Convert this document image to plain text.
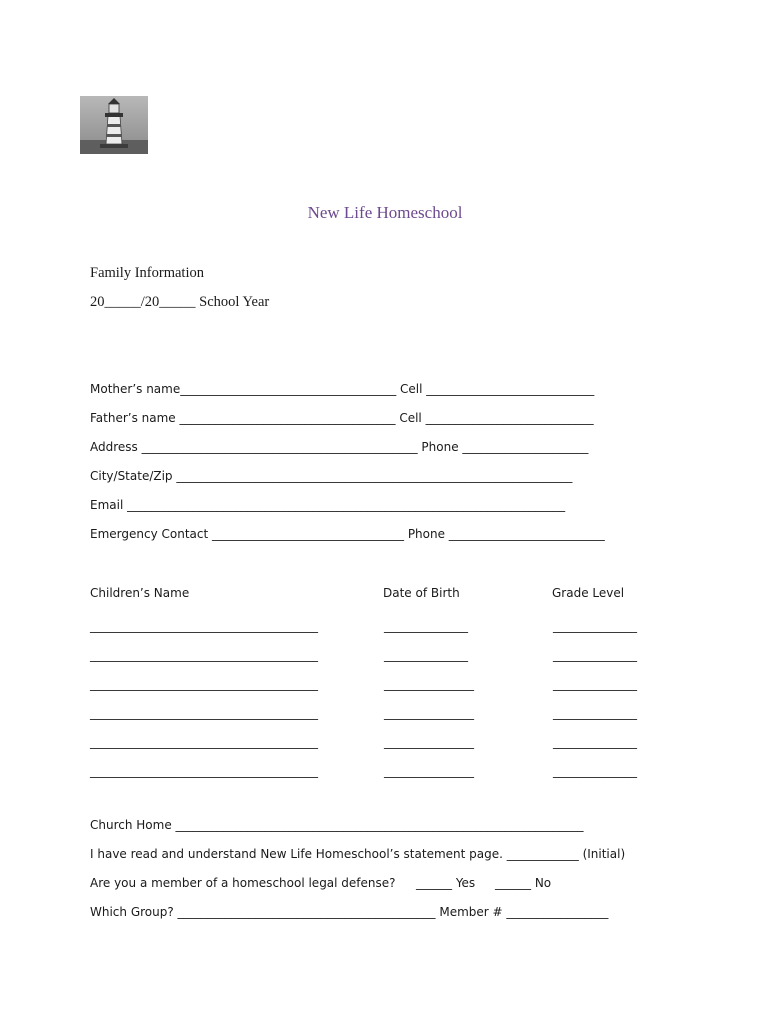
New Life Homeschool
Family Information
20_____/20_____ School Year
Mother’s name____________________________________ Cell ____________________________
Father’s name ____________________________________ Cell ____________________________
Address ______________________________________________ Phone _____________________
City/State/Zip __________________________________________________________________
Email _________________________________________________________________________
Emergency Contact ________________________________ Phone __________________________
Children’s Name	Date of Birth	Grade Level
______________________________________	______________	______________
______________________________________	______________	______________
______________________________________	_______________	______________
______________________________________	_______________	______________
______________________________________	_______________	______________
______________________________________	_______________	______________
Church Home ____________________________________________________________________
I have read and understand New Life Homeschool’s statement page. ____________ (Initial)
Are you a member of a homeschool legal defense? ______ Yes ______ No
Which Group? ___________________________________________ Member # _________________
